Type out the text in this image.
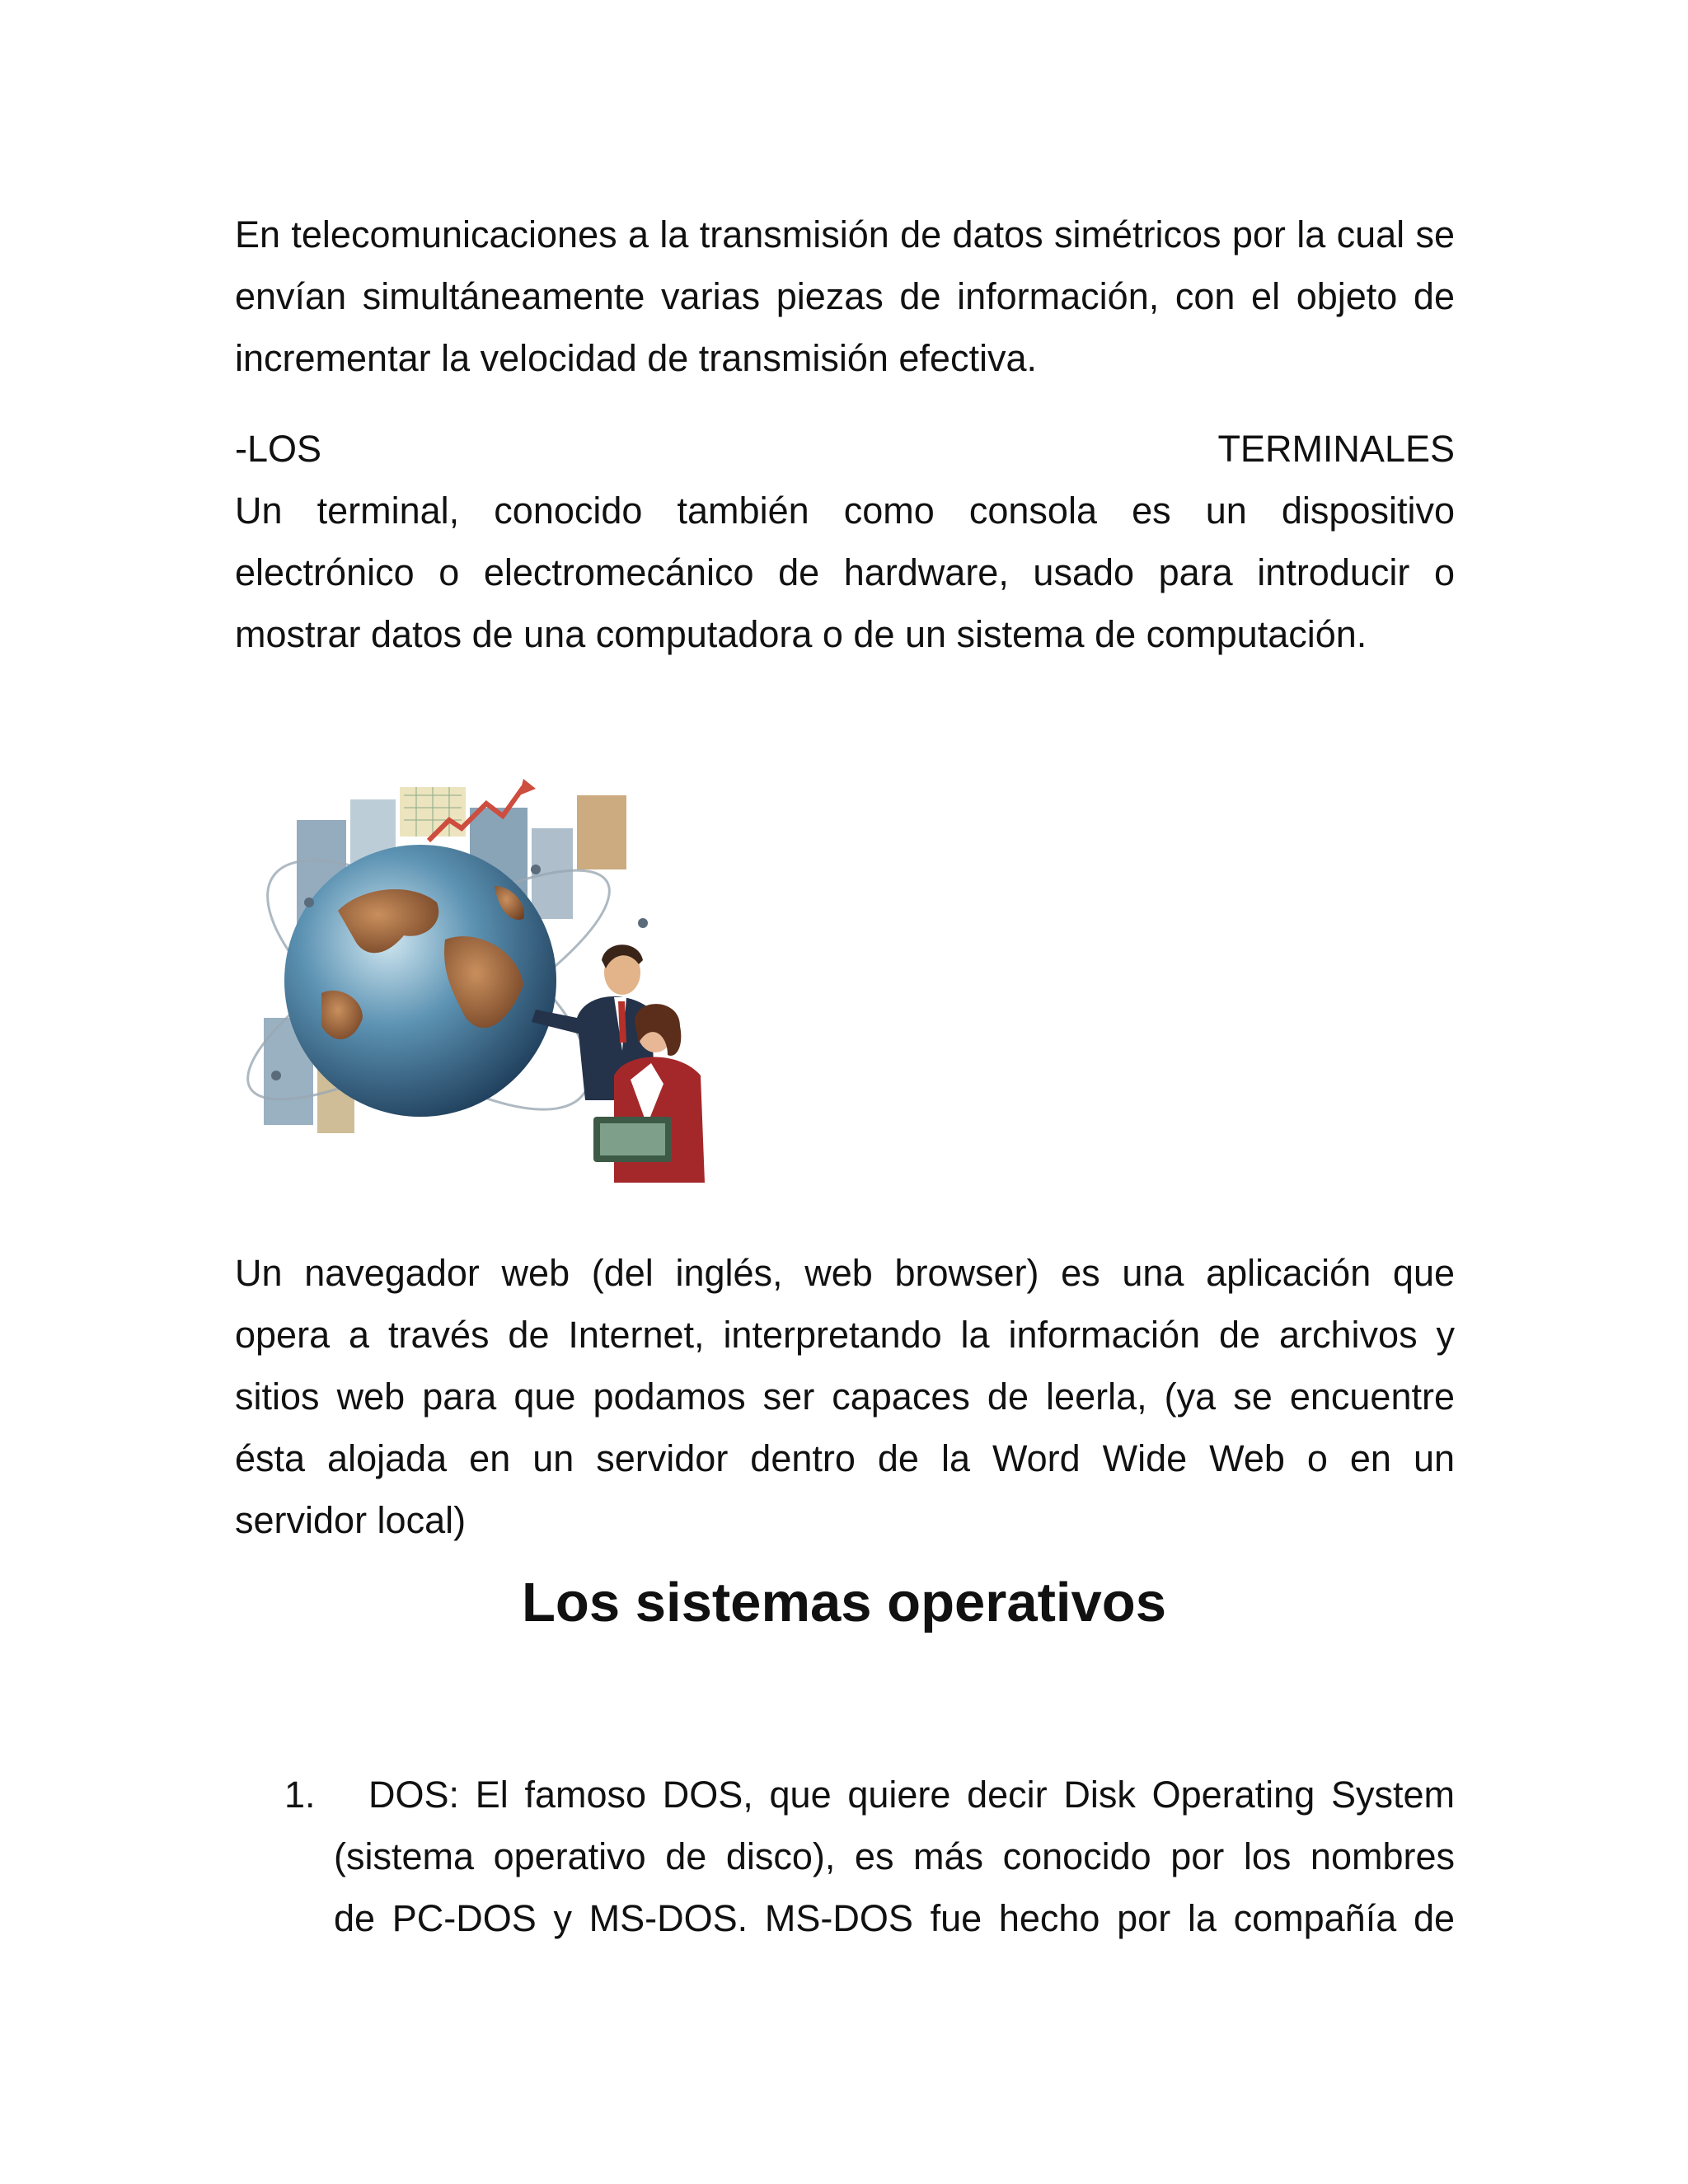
En telecomunicaciones a la transmisión de datos simétricos por la cual se envían simultáneamente varias piezas de información, con el objeto de incrementar la velocidad de transmisión efectiva.

-LOS	TERMINALES
Un terminal, conocido también como consola es un dispositivo
electrónico o electromecánico de hardware, usado para introducir o
mostrar datos de una computadora o de un sistema de computación.
Un navegador web (del inglés, web browser) es una aplicación que
opera a través de Internet, interpretando la información de archivos y
sitios web para que podamos ser capaces de leerla, (ya se encuentre
ésta alojada en un servidor dentro de la Word Wide Web o en un
servidor local)
Los sistemas operativos
1.	DOS: El famoso DOS, que quiere decir Disk Operating System
(sistema operativo de disco), es más conocido por los nombres
de PC-DOS y MS-DOS. MS-DOS fue hecho por la compañía de
